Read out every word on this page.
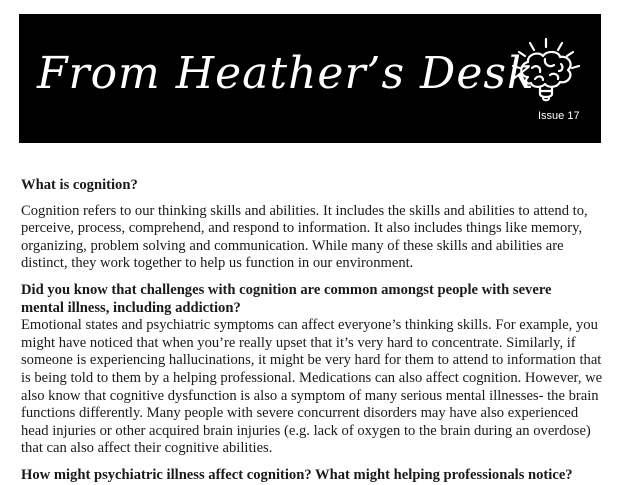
From Heather’s Desk
Issue 17
What is cognition?

Cognition refers to our thinking skills and abilities. It includes the skills and abilities to attend to,
perceive, process, comprehend, and respond to information. It also includes things like memory,
organizing, problem solving and communication. While many of these skills and abilities are
distinct, they work together to help us function in our environment.

Did you know that challenges with cognition are common amongst people with severe
mental illness, including addiction?

Emotional states and psychiatric symptoms can affect everyone’s thinking skills. For example, you
might have noticed that when you’re really upset that it’s very hard to concentrate. Similarly, if
someone is experiencing hallucinations, it might be very hard for them to attend to information that
is being told to them by a helping professional. Medications can also affect cognition. However, we
also know that cognitive dysfunction is also a symptom of many serious mental illnesses- the brain
functions differently. Many people with severe concurrent disorders may have also experienced
head injuries or other acquired brain injuries (e.g. lack of oxygen to the brain during an overdose)
that can also affect their cognitive abilities.

How might psychiatric illness affect cognition? What might helping professionals notice?
